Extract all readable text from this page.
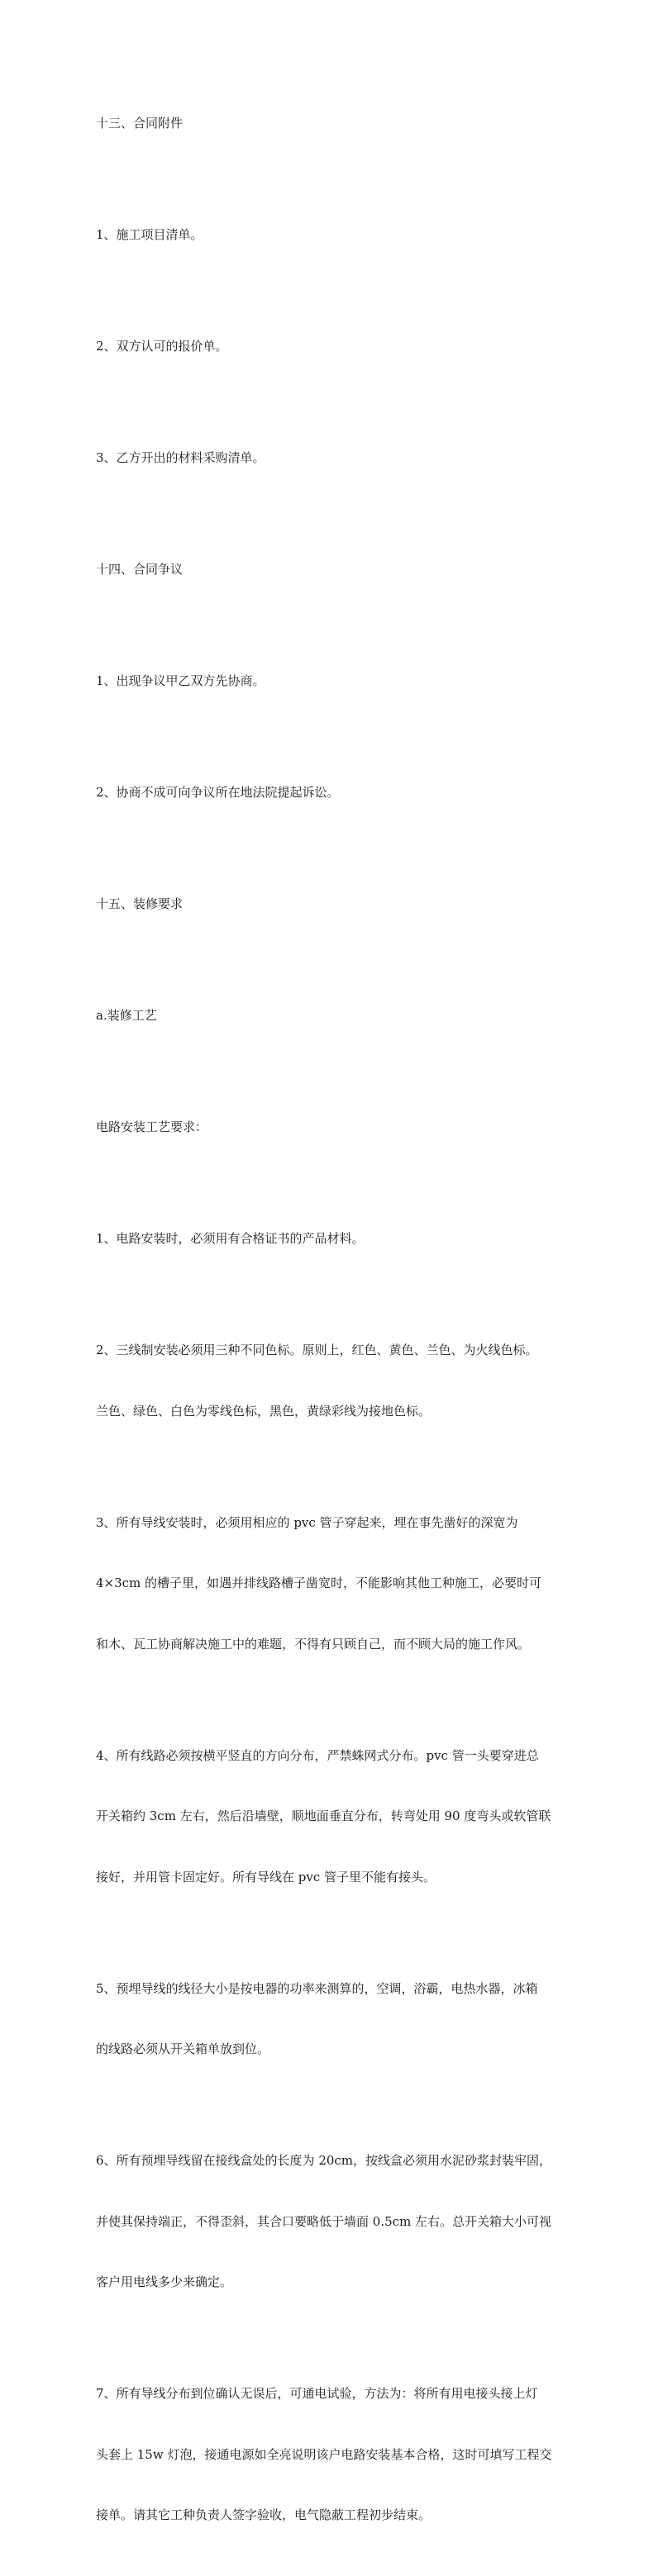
十三、合同附件

1、施工项目清单。

2、双方认可的报价单。

3、乙方开出的材料采购清单。

十四、合同争议

1、出现争议甲乙双方先协商。

2、协商不成可向争议所在地法院提起诉讼。

十五、装修要求

a.装修工艺

电路安装工艺要求：

1、电路安装时，必须用有合格证书的产品材料。

2、三线制安装必须用三种不同色标。原则上，红色、黄色、兰色、为火线色标。

兰色、绿色、白色为零线色标，黑色，黄绿彩线为接地色标。

3、所有导线安装时，必须用相应的 pvc 管子穿起来，埋在事先凿好的深宽为

4×3cm 的槽子里，如遇并排线路槽子凿宽时，不能影响其他工种施工，必要时可

和木、瓦工协商解决施工中的难题，不得有只顾自己，而不顾大局的施工作风。

4、所有线路必须按横平竖直的方向分布，严禁蛛网式分布。pvc 管一头要穿进总

开关箱约 3cm 左右，然后沿墙壁，顺地面垂直分布，转弯处用 90 度弯头或软管联

接好，并用管卡固定好。所有导线在 pvc 管子里不能有接头。

5、预埋导线的线径大小是按电器的功率来测算的，空调，浴霸，电热水器，冰箱

的线路必须从开关箱单放到位。

6、所有预埋导线留在接线盒处的长度为 20cm，按线盒必须用水泥砂浆封装牢固，

并使其保持端正，不得歪斜，其合口要略低于墙面 0.5cm 左右。总开关箱大小可视

客户用电线多少来确定。

7、所有导线分布到位确认无误后，可通电试验，方法为：将所有用电接头接上灯

头套上 15w 灯泡，接通电源如全亮说明该户电路安装基本合格，这时可填写工程交

接单。请其它工种负责人签字验收，电气隐蔽工程初步结束。
